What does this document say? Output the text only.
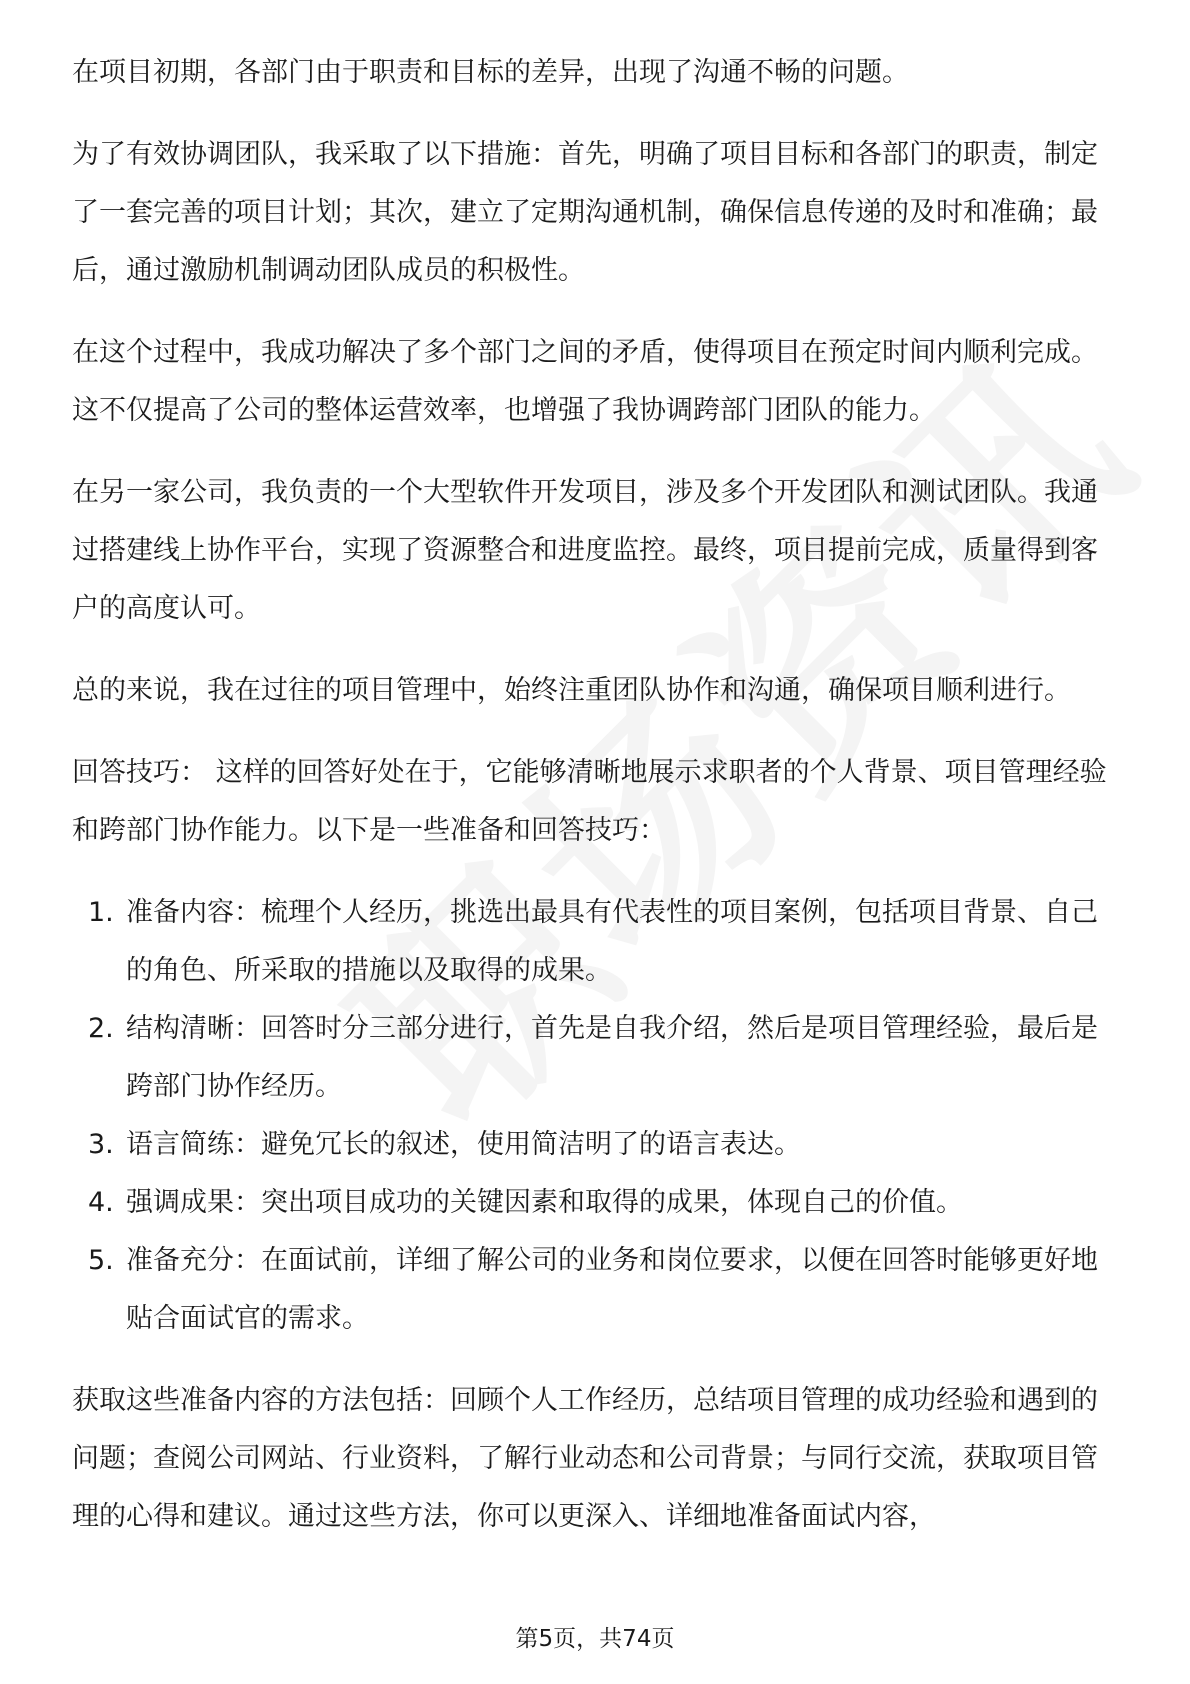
在项目初期，各部门由于职责和目标的差异，出现了沟通不畅的问题。

为了有效协调团队，我采取了以下措施：首先，明确了项目目标和各部门的职责，制定了一套完善的项目计划；其次，建立了定期沟通机制，确保信息传递的及时和准确；最后，通过激励机制调动团队成员的积极性。

在这个过程中，我成功解决了多个部门之间的矛盾，使得项目在预定时间内顺利完成。这不仅提高了公司的整体运营效率，也增强了我协调跨部门团队的能力。

在另一家公司，我负责的一个大型软件开发项目，涉及多个开发团队和测试团队。我通过搭建线上协作平台，实现了资源整合和进度监控。最终，项目提前完成，质量得到客户的高度认可。

总的来说，我在过往的项目管理中，始终注重团队协作和沟通，确保项目顺利进行。

回答技巧： 这样的回答好处在于，它能够清晰地展示求职者的个人背景、项目管理经验和跨部门协作能力。以下是一些准备和回答技巧：

1. 准备内容：梳理个人经历，挑选出最具有代表性的项目案例，包括项目背景、自己的角色、所采取的措施以及取得的成果。
2. 结构清晰：回答时分三部分进行，首先是自我介绍，然后是项目管理经验，最后是跨部门协作经历。
3. 语言简练：避免冗长的叙述，使用简洁明了的语言表达。
4. 强调成果：突出项目成功的关键因素和取得的成果，体现自己的价值。
5. 准备充分：在面试前，详细了解公司的业务和岗位要求，以便在回答时能够更好地贴合面试官的需求。

获取这些准备内容的方法包括：回顾个人工作经历，总结项目管理的成功经验和遇到的问题；查阅公司网站、行业资料，了解行业动态和公司背景；与同行交流，获取项目管理的心得和建议。通过这些方法，你可以更深入、详细地准备面试内容，

第5页，共74页
